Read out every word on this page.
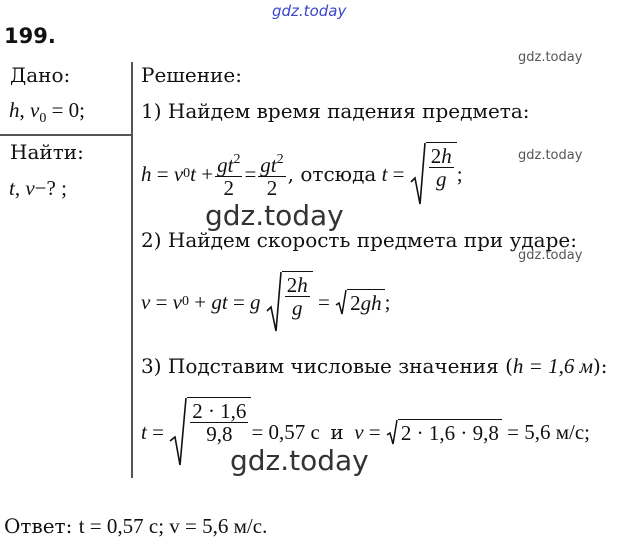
gdz.today
gdz.today
gdz.today
gdz.today
199.
Дано:
h, $v_0 = 0$;
Найти:
t, v−? ;
Решение:
1) Найдем время падения предмета:
h = v 0 $t + \frac{gt^2}{2} = \frac{gt^2}{2}$ , отсюда
$t = \frac{2h}{g}$ ;
gdz.today
2) Найдем скорость предмета при ударе:
v = v 0 + gt = g
$\frac{2h}{g} = 2gh$ ;
3) Подставим числовые значения (h = 1,6 м):
$t = \frac{2 \cdot 1,6}{9,8} = 0,57$ с
и
v = 2 · 1,6 · 9,8
= 5,6 м/с;
gdz.today
Ответ: t = 0,57 с; v = 5,6 м/с.
